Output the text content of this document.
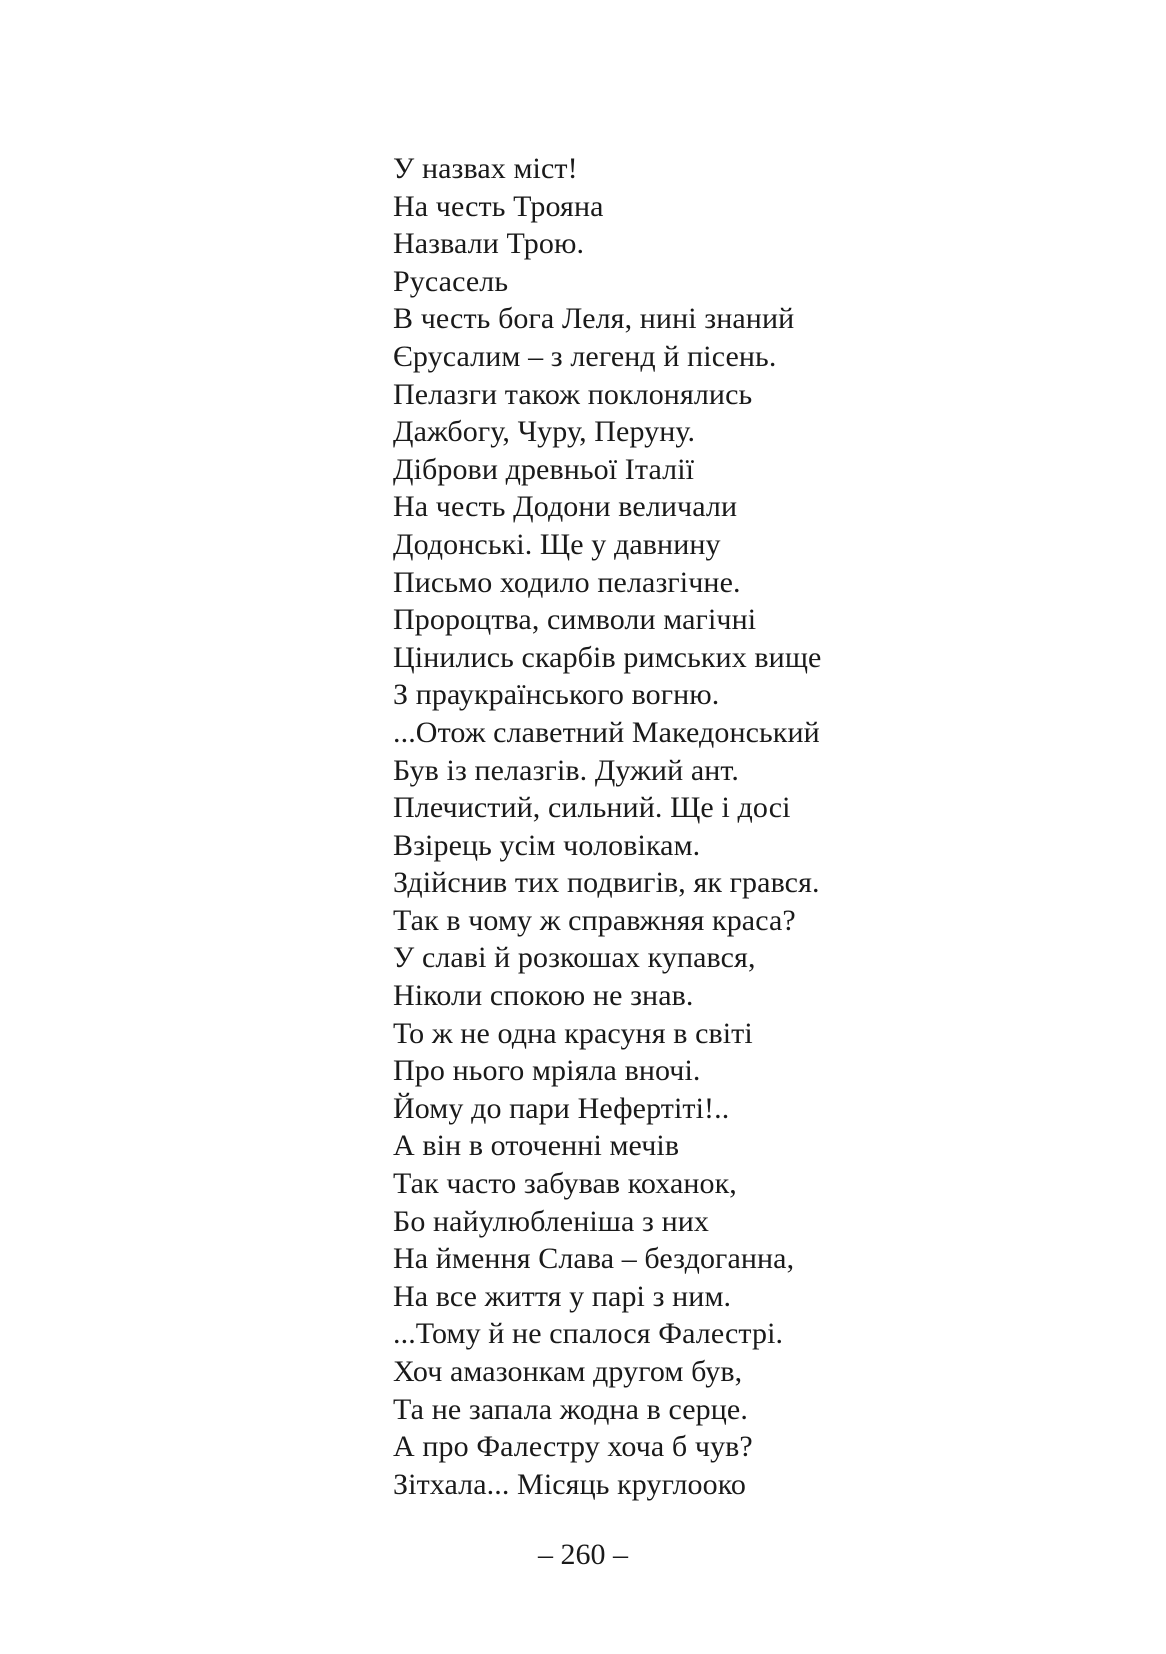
У назвах міст!
На честь Трояна
Назвали Трою.
Русасель
В честь бога Леля, нині знаний
Єрусалим – з легенд й пісень.
Пелазги також поклонялись
Дажбогу, Чуру, Перуну.
Діброви древньої Італії
На честь Додони величали
Додонські. Ще у давнину
Письмо ходило пелазгічне.
Пророцтва, символи магічні
Цінились скарбів римських вище
З праукраїнського вогню.
...Отож славетний Македонський
Був із пелазгів. Дужий ант.
Плечистий, сильний. Ще і досі
Взірець усім чоловікам.
Здійснив тих подвигів, як грався.
Так в чому ж справжняя краса?
У славі й розкошах купався,
Ніколи спокою не знав.
То ж не одна красуня в світі
Про нього мріяла вночі.
Йому до пари Нефертіті!..
А він в оточенні мечів
Так часто забував коханок,
Бо найулюбленіша з них
На ймення Слава – бездоганна,
На все життя у парі з ним.
...Тому й не спалося Фалестрі.
Хоч амазонкам другом був,
Та не запала жодна в серце.
А про Фалестру хоча б чув?
Зітхала... Місяць круглооко
– 260 –
